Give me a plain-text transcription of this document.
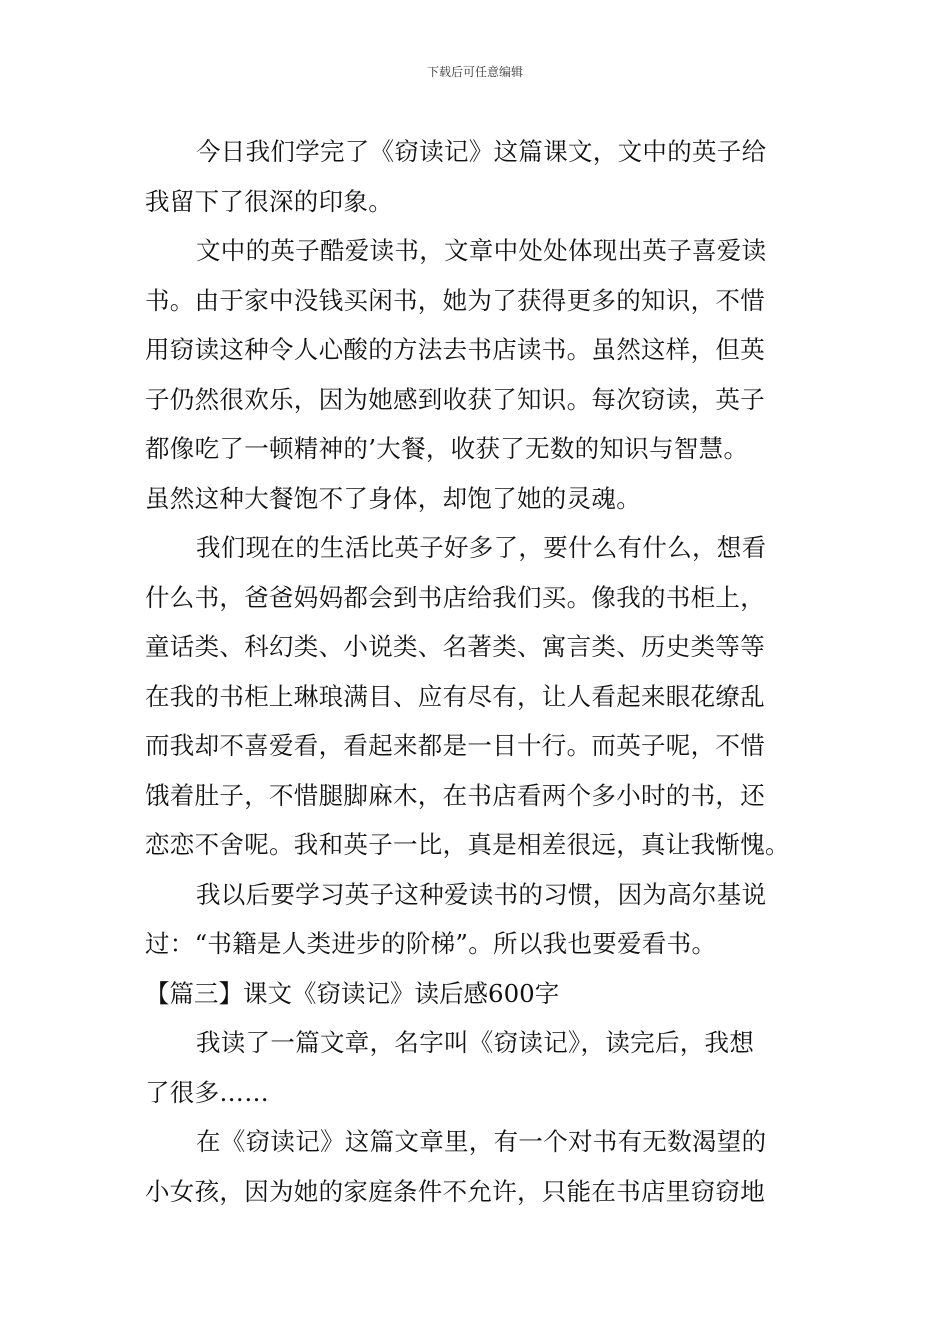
下载后可任意编辑
今日我们学完了《窃读记》这篇课文，文中的英子给
我留下了很深的印象。
文中的英子酷爱读书，文章中处处体现出英子喜爱读
书。由于家中没钱买闲书，她为了获得更多的知识，不惜
用窃读这种令人心酸的方法去书店读书。虽然这样，但英
子仍然很欢乐，因为她感到收获了知识。每次窃读，英子
都像吃了一顿精神的’大餐，收获了无数的知识与智慧。
虽然这种大餐饱不了身体，却饱了她的灵魂。
我们现在的生活比英子好多了，要什么有什么，想看
什么书，爸爸妈妈都会到书店给我们买。像我的书柜上，
童话类、科幻类、小说类、名著类、寓言类、历史类等等
在我的书柜上琳琅满目、应有尽有，让人看起来眼花缭乱
而我却不喜爱看，看起来都是一目十行。而英子呢，不惜
饿着肚子，不惜腿脚麻木，在书店看两个多小时的书，还
恋恋不舍呢。我和英子一比，真是相差很远，真让我惭愧。
我以后要学习英子这种爱读书的习惯，因为高尔基说
过：“书籍是人类进步的阶梯”。所以我也要爱看书。
【篇三】课文《窃读记》读后感600字
我读了一篇文章，名字叫《窃读记》，读完后，我想
了很多……
在《窃读记》这篇文章里，有一个对书有无数渴望的
小女孩，因为她的家庭条件不允许，只能在书店里窃窃地
